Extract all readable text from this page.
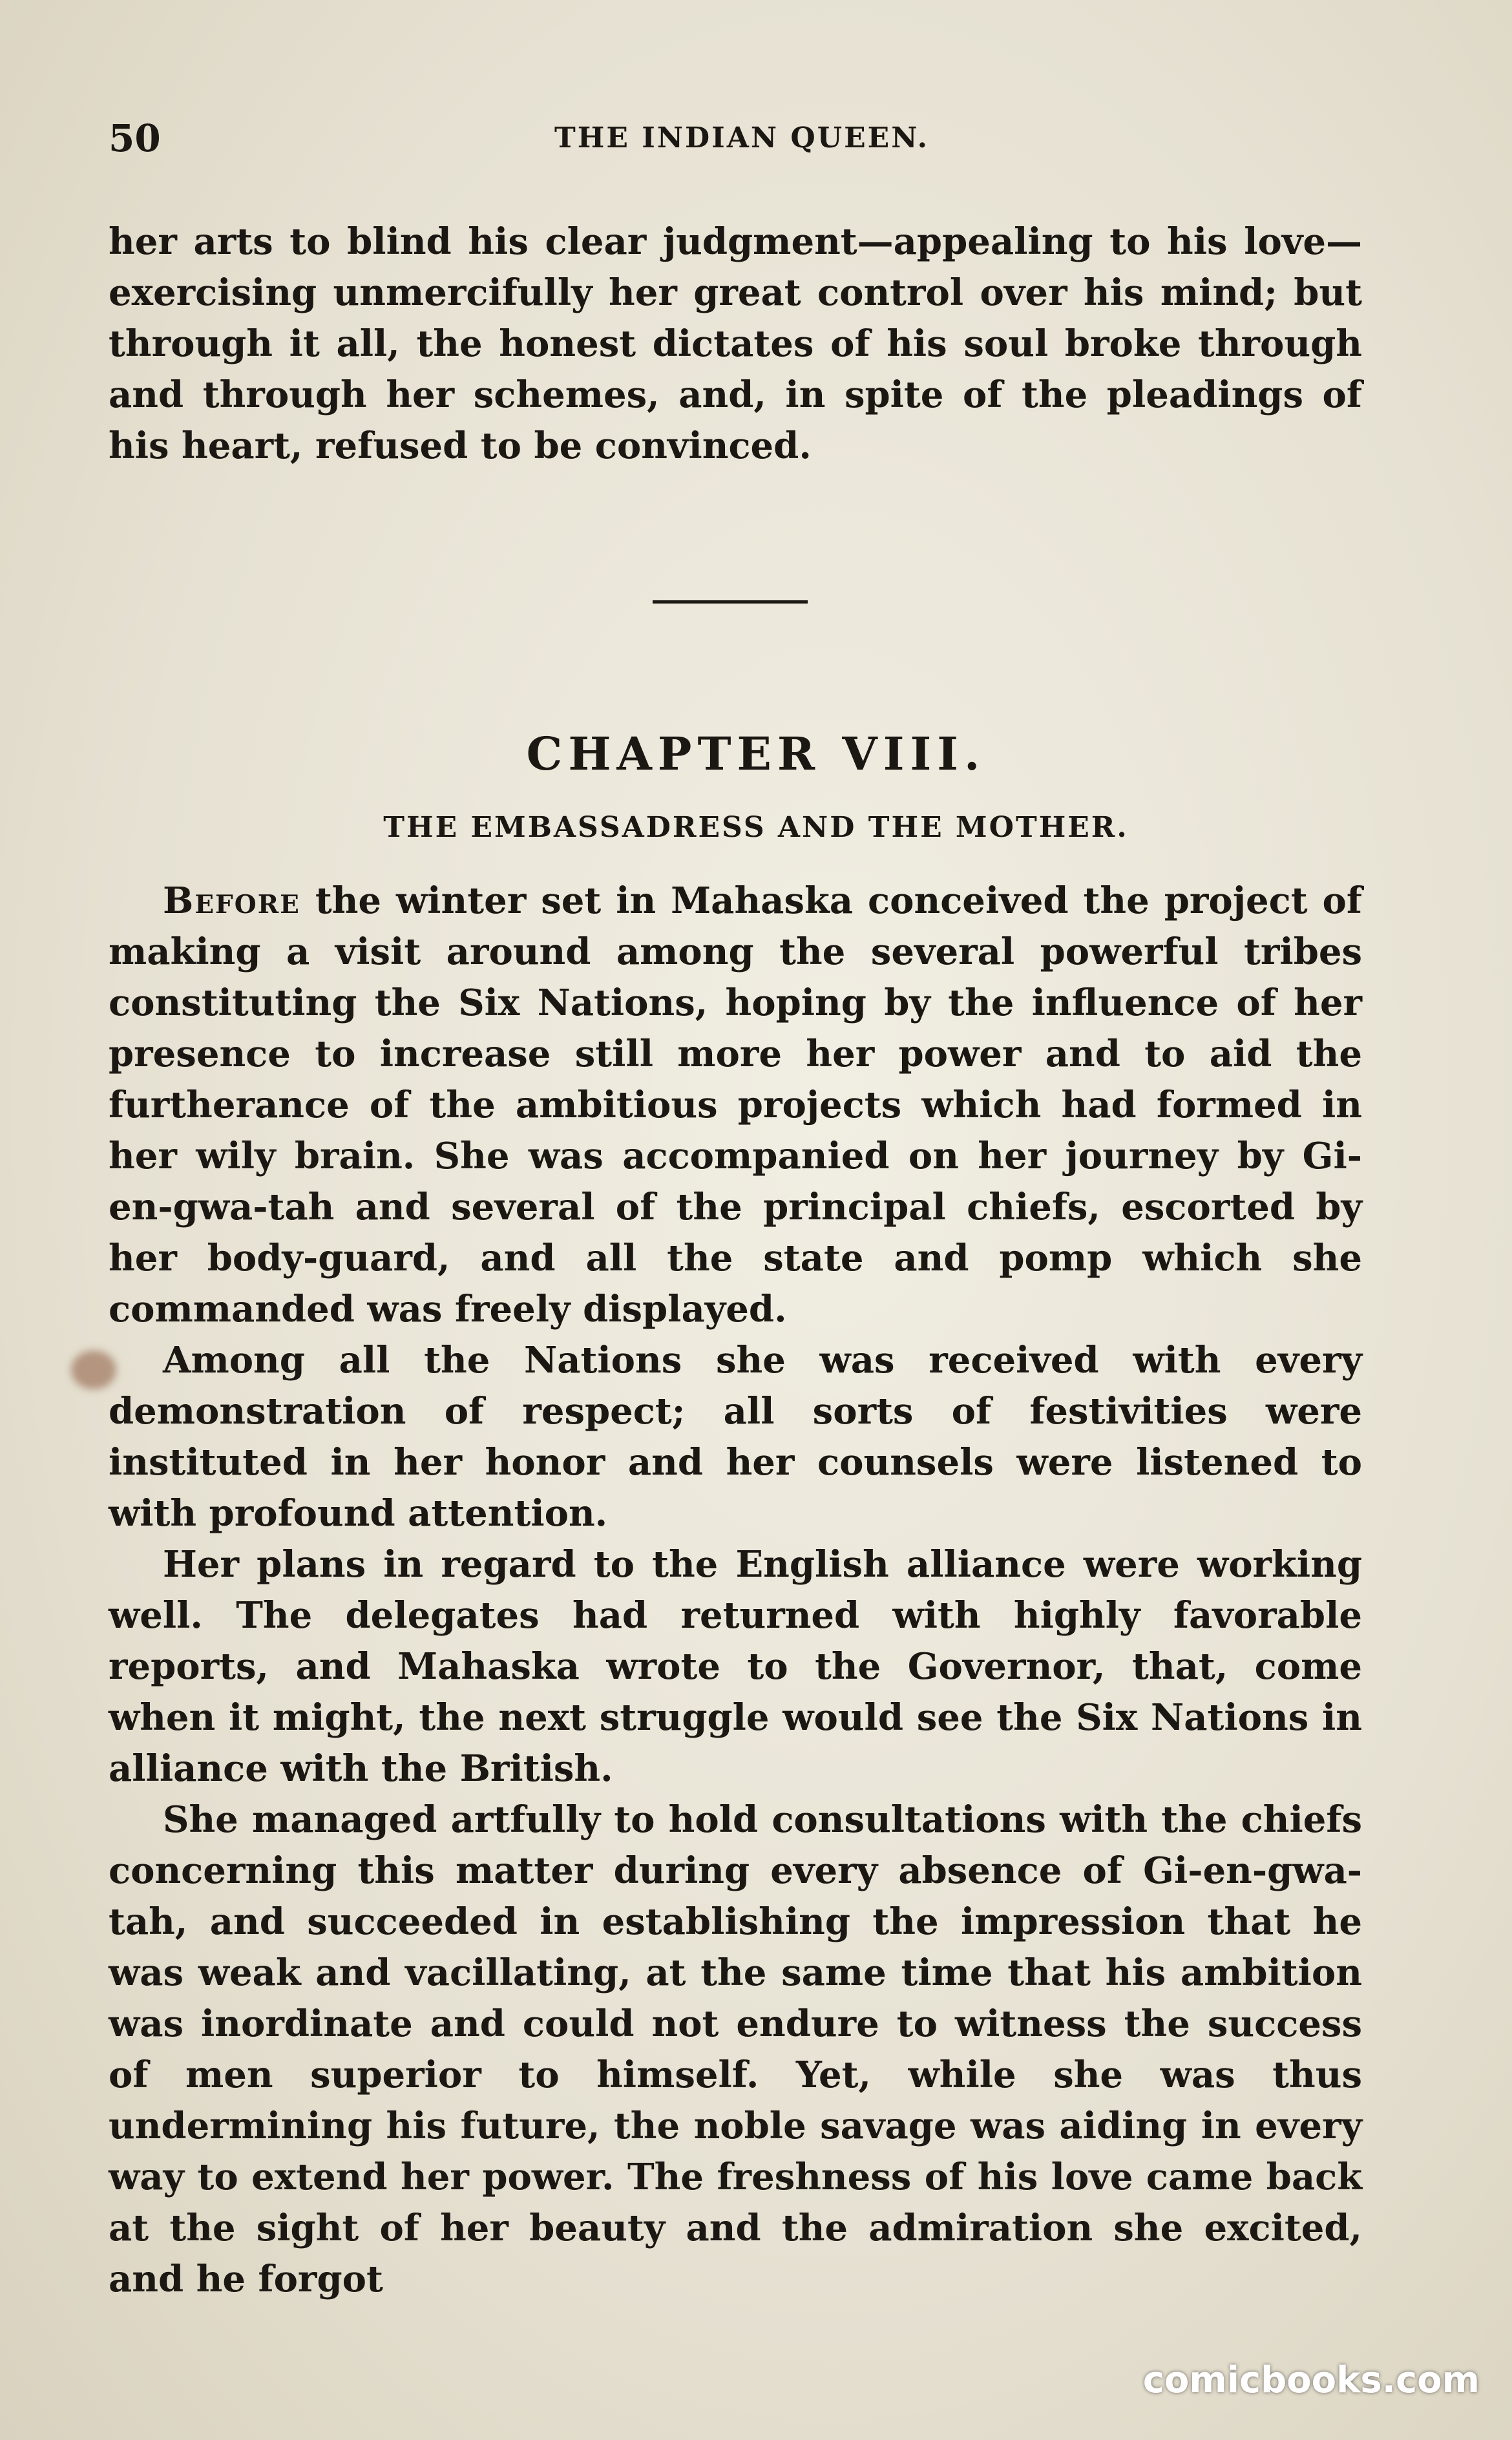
50	THE INDIAN QUEEN.

her arts to blind his clear judgment—appealing to his love—exercising unmercifully her great control over his mind; but through it all, the honest dictates of his soul broke through and through her schemes, and, in spite of the pleadings of his heart, refused to be convinced.

CHAPTER VIII.
THE EMBASSADRESS AND THE MOTHER.

Before the winter set in Mahaska conceived the project of making a visit around among the several powerful tribes constituting the Six Nations, hoping by the influence of her presence to increase still more her power and to aid the furtherance of the ambitious projects which had formed in her wily brain. She was accompanied on her journey by Gi-en-gwa-tah and several of the principal chiefs, escorted by her body-guard, and all the state and pomp which she commanded was freely displayed.

Among all the Nations she was received with every demonstration of respect; all sorts of festivities were instituted in her honor and her counsels were listened to with profound attention.

Her plans in regard to the English alliance were working well. The delegates had returned with highly favorable reports, and Mahaska wrote to the Governor, that, come when it might, the next struggle would see the Six Nations in alliance with the British.

She managed artfully to hold consultations with the chiefs concerning this matter during every absence of Gi-en-gwa-tah, and succeeded in establishing the impression that he was weak and vacillating, at the same time that his ambition was inordinate and could not endure to witness the success of men superior to himself. Yet, while she was thus undermining his future, the noble savage was aiding in every way to extend her power. The freshness of his love came back at the sight of her beauty and the admiration she excited, and he forgot

comicbooks.com
